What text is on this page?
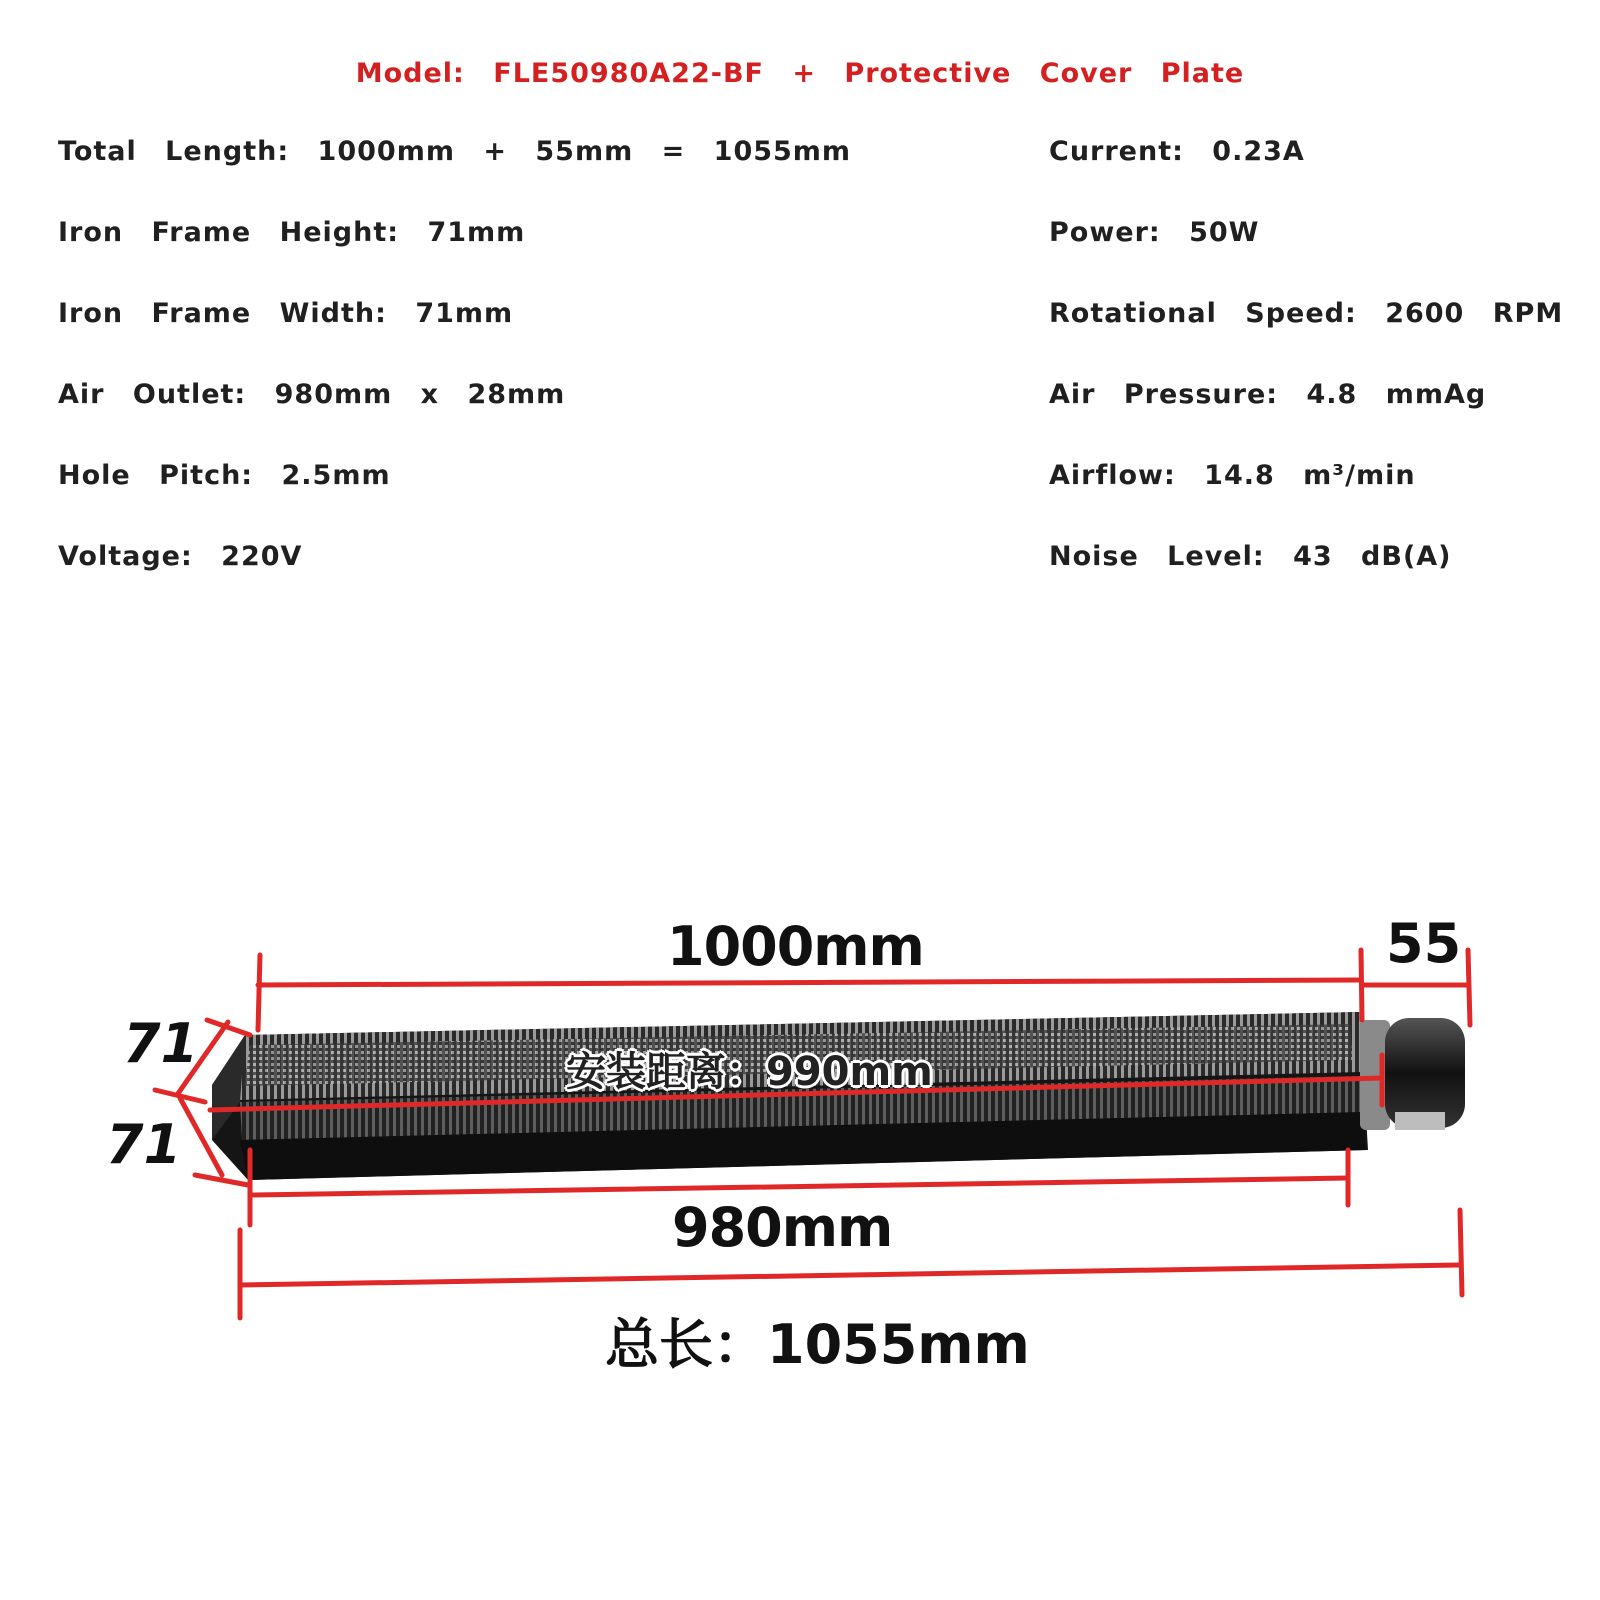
Model: FLE50980A22-BF + Protective Cover Plate
Total Length: 1000mm + 55mm = 1055mm
Iron Frame Height: 71mm
Iron Frame Width: 71mm
Air Outlet: 980mm x 28mm
Hole Pitch: 2.5mm
Voltage: 220V
Current: 0.23A
Power: 50W
Rotational Speed: 2600 RPM
Air Pressure: 4.8 mmAg
Airflow: 14.8 m³/min
Noise Level: 43 dB(A)
1000mm	55
71
71
安装距离：990mm
980mm
总长：1055mm
